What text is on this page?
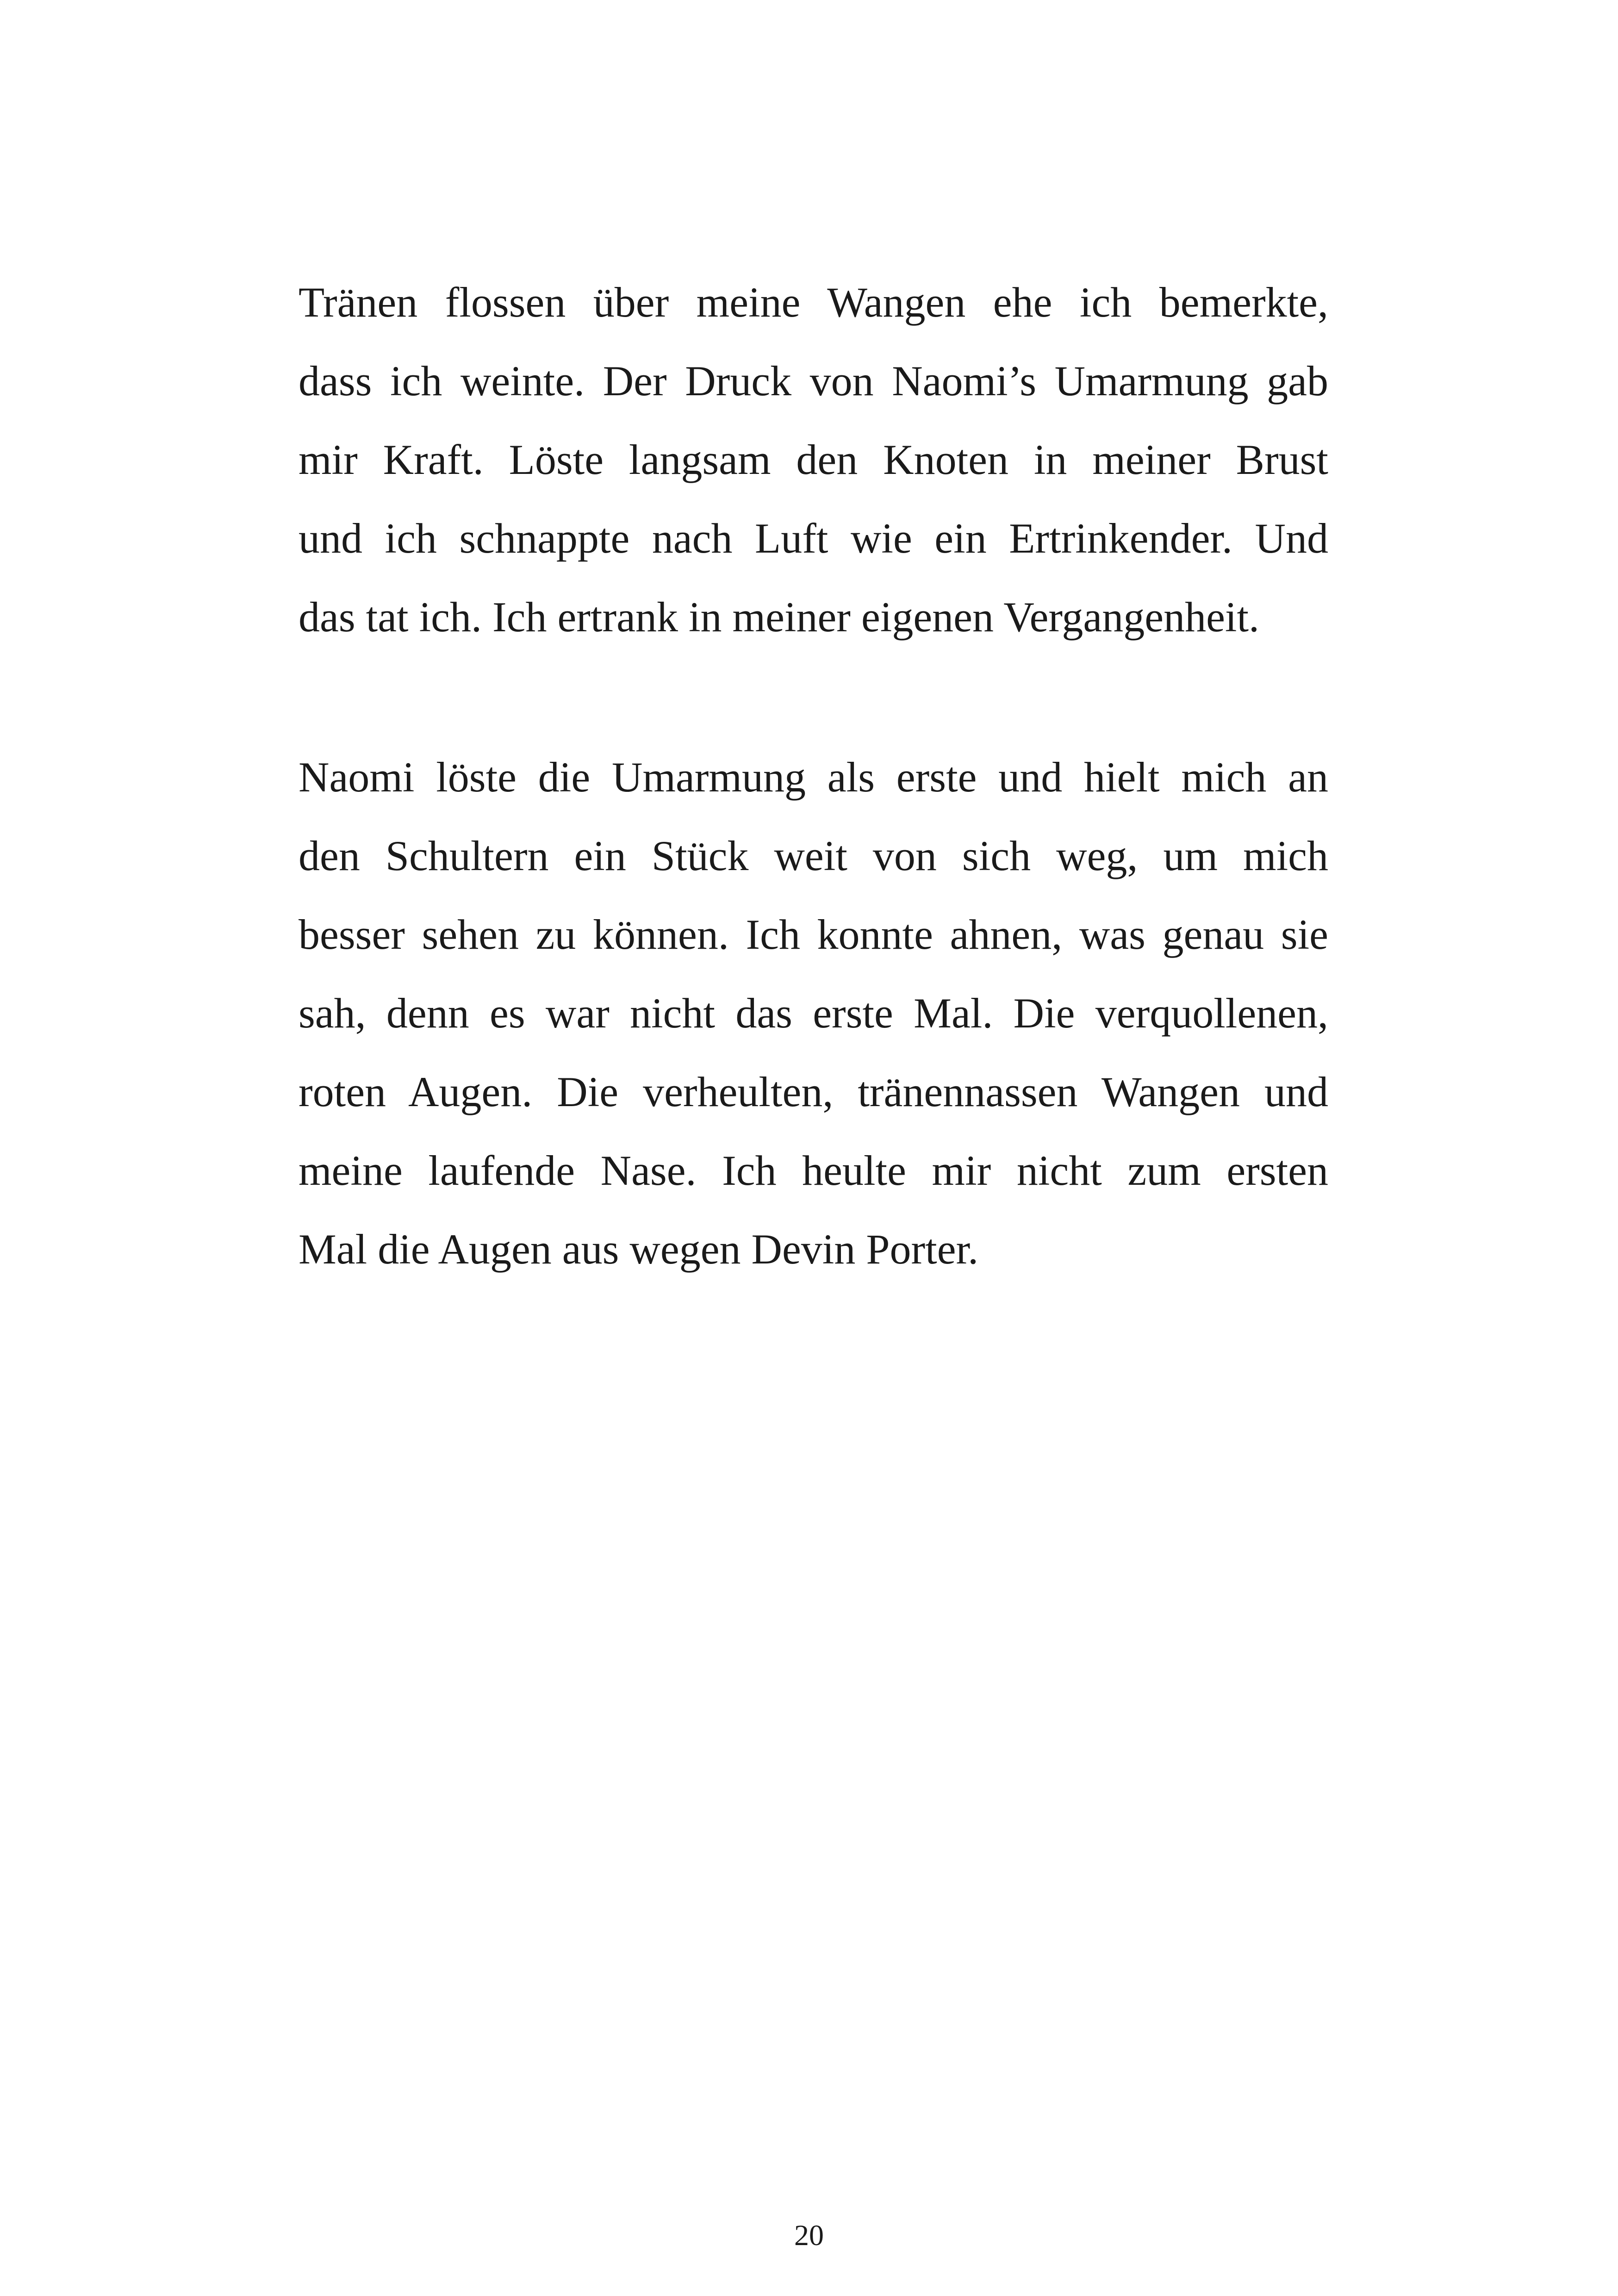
Tränen flossen über meine Wangen ehe ich bemerkte,
dass ich weinte. Der Druck von Naomi’s Umarmung gab
mir Kraft. Löste langsam den Knoten in meiner Brust
und ich schnappte nach Luft wie ein Ertrinkender. Und
das tat ich. Ich ertrank in meiner eigenen Vergangenheit.
Naomi löste die Umarmung als erste und hielt mich an
den Schultern ein Stück weit von sich weg, um mich
besser sehen zu können. Ich konnte ahnen, was genau sie
sah, denn es war nicht das erste Mal. Die verquollenen,
roten Augen. Die verheulten, tränennassen Wangen und
meine laufende Nase. Ich heulte mir nicht zum ersten
Mal die Augen aus wegen Devin Porter.
20
